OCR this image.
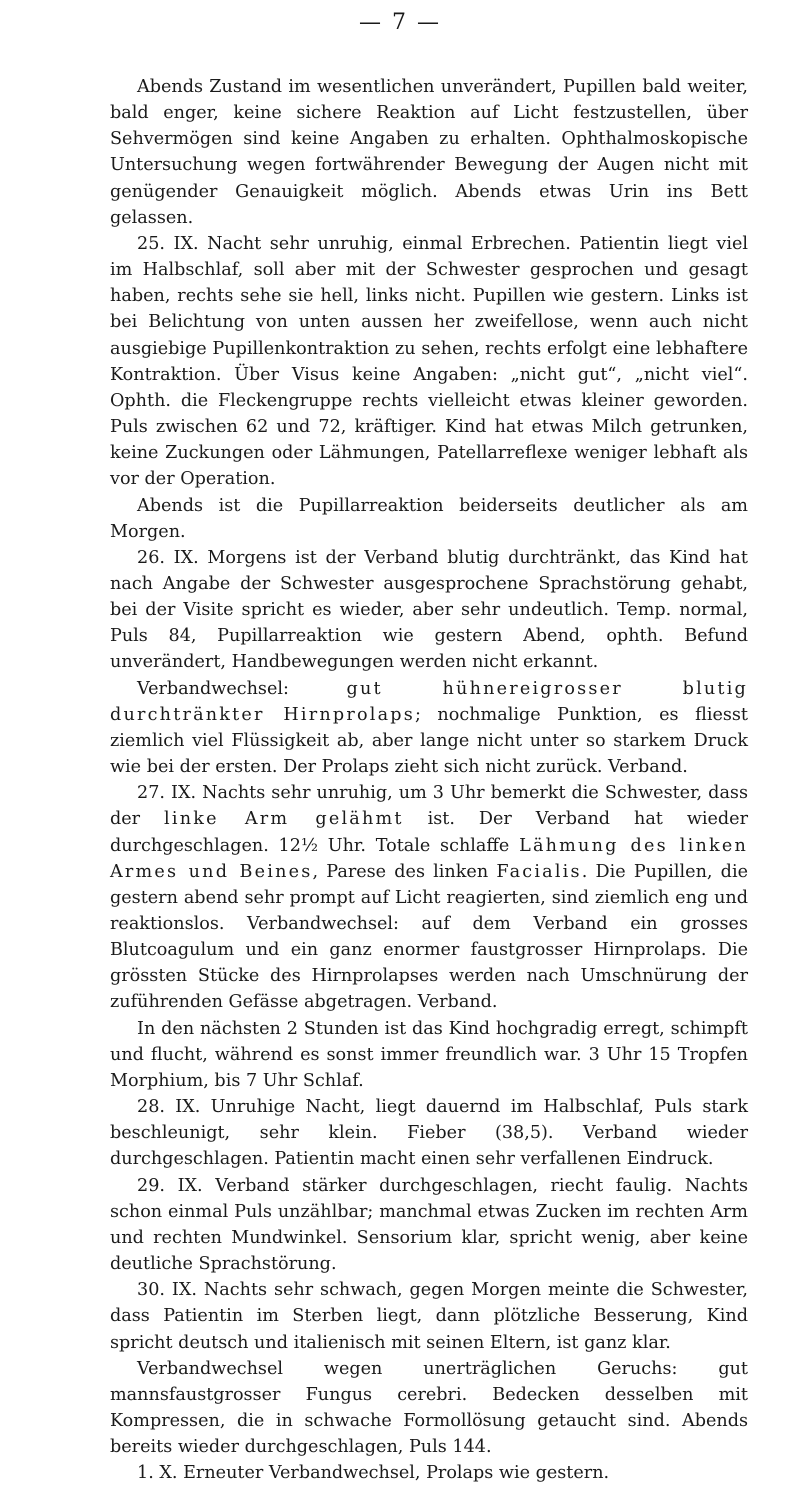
— 7 —

Abends Zustand im wesentlichen unverändert, Pupillen bald weiter, bald enger, keine sichere Reaktion auf Licht festzustellen, über Sehvermögen sind keine Angaben zu erhalten. Ophthalmoskopische Untersuchung wegen fortwährender Bewegung der Augen nicht mit genügender Genauigkeit möglich. Abends etwas Urin ins Bett gelassen.

25. IX. Nacht sehr unruhig, einmal Erbrechen. Patientin liegt viel im Halbschlaf, soll aber mit der Schwester gesprochen und gesagt haben, rechts sehe sie hell, links nicht. Pupillen wie gestern. Links ist bei Belichtung von unten aussen her zweifellose, wenn auch nicht ausgiebige Pupillenkontraktion zu sehen, rechts erfolgt eine lebhaftere Kontraktion. Über Visus keine Angaben: „nicht gut“, „nicht viel“. Ophth. die Fleckengruppe rechts vielleicht etwas kleiner geworden. Puls zwischen 62 und 72, kräftiger. Kind hat etwas Milch getrunken, keine Zuckungen oder Lähmungen, Patellarreflexe weniger lebhaft als vor der Operation.

Abends ist die Pupillarreaktion beiderseits deutlicher als am Morgen.

26. IX. Morgens ist der Verband blutig durchtränkt, das Kind hat nach Angabe der Schwester ausgesprochene Sprachstörung gehabt, bei der Visite spricht es wieder, aber sehr undeutlich. Temp. normal, Puls 84, Pupillarreaktion wie gestern Abend, ophth. Befund unverändert, Handbewegungen werden nicht erkannt.

Verbandwechsel: gut hühnereigrosser blutig durchtränkter Hirnprolaps; nochmalige Punktion, es fliesst ziemlich viel Flüssigkeit ab, aber lange nicht unter so starkem Druck wie bei der ersten. Der Prolaps zieht sich nicht zurück. Verband.

27. IX. Nachts sehr unruhig, um 3 Uhr bemerkt die Schwester, dass der linke Arm gelähmt ist. Der Verband hat wieder durchgeschlagen. 12½ Uhr. Totale schlaffe Lähmung des linken Armes und Beines, Parese des linken Facialis. Die Pupillen, die gestern abend sehr prompt auf Licht reagierten, sind ziemlich eng und reaktionslos. Verbandwechsel: auf dem Verband ein grosses Blutcoagulum und ein ganz enormer faustgrosser Hirnprolaps. Die grössten Stücke des Hirnprolapses werden nach Umschnürung der zuführenden Gefässe abgetragen. Verband.

In den nächsten 2 Stunden ist das Kind hochgradig erregt, schimpft und flucht, während es sonst immer freundlich war. 3 Uhr 15 Tropfen Morphium, bis 7 Uhr Schlaf.

28. IX. Unruhige Nacht, liegt dauernd im Halbschlaf, Puls stark beschleunigt, sehr klein. Fieber (38,5). Verband wieder durchgeschlagen. Patientin macht einen sehr verfallenen Eindruck.

29. IX. Verband stärker durchgeschlagen, riecht faulig. Nachts schon einmal Puls unzählbar; manchmal etwas Zucken im rechten Arm und rechten Mundwinkel. Sensorium klar, spricht wenig, aber keine deutliche Sprachstörung.

30. IX. Nachts sehr schwach, gegen Morgen meinte die Schwester, dass Patientin im Sterben liegt, dann plötzliche Besserung, Kind spricht deutsch und italienisch mit seinen Eltern, ist ganz klar.

Verbandwechsel wegen unerträglichen Geruchs: gut mannsfaustgrosser Fungus cerebri. Bedecken desselben mit Kompressen, die in schwache Formollösung getaucht sind. Abends bereits wieder durchgeschlagen, Puls 144.

1. X. Erneuter Verbandwechsel, Prolaps wie gestern.
